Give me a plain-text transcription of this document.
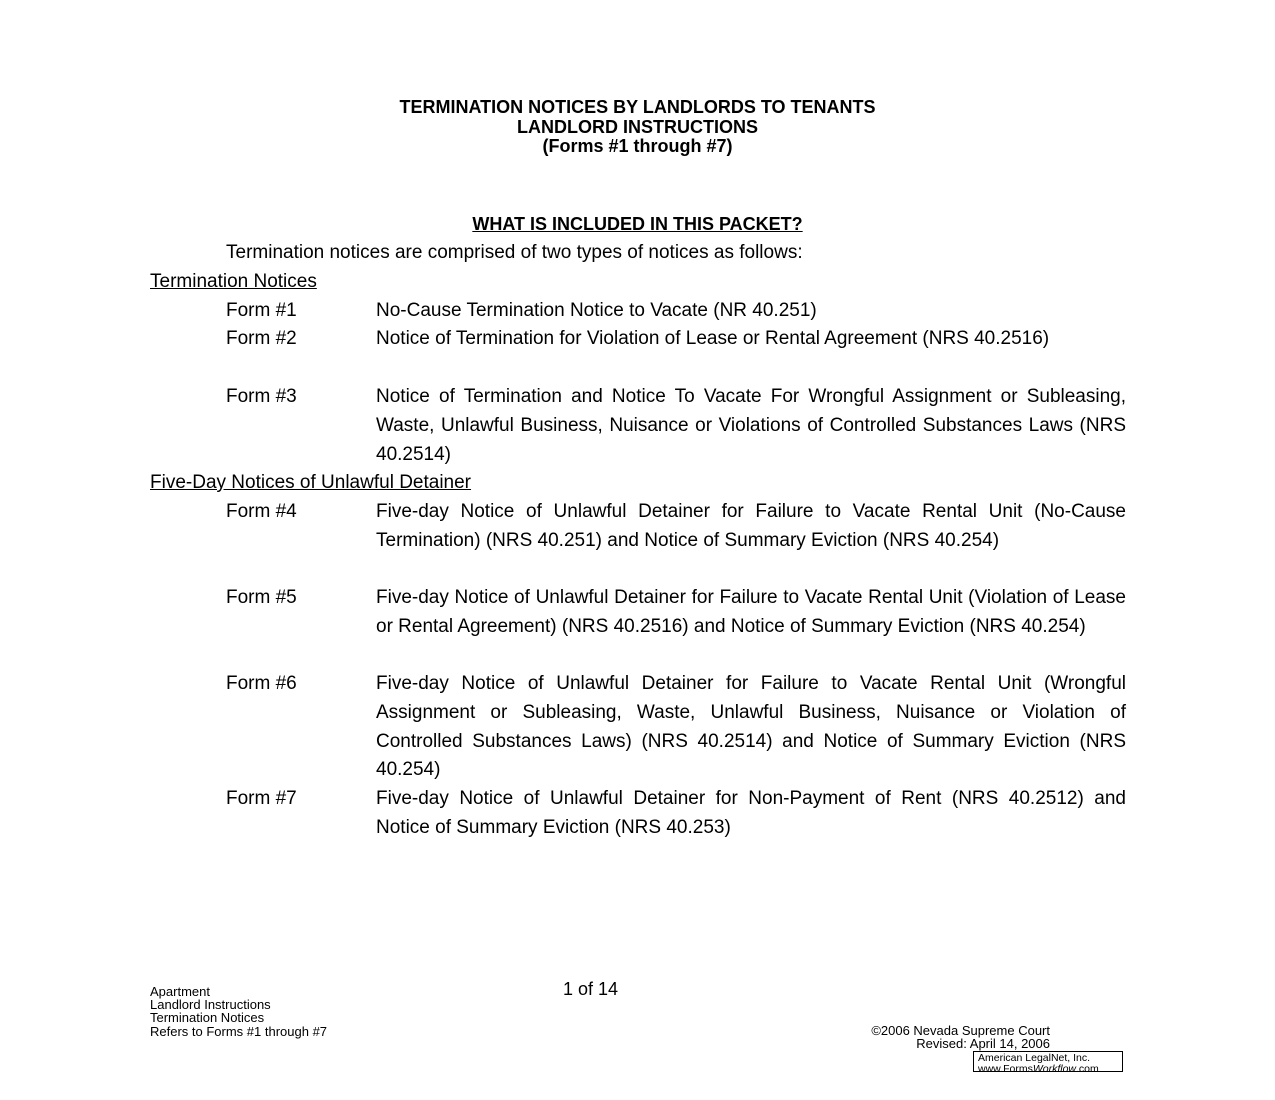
TERMINATION NOTICES BY LANDLORDS TO TENANTS
LANDLORD INSTRUCTIONS
(Forms #1 through #7)
WHAT IS INCLUDED IN THIS PACKET?
Termination notices are comprised of two types of notices as follows:
Termination Notices
Form #1	No-Cause Termination Notice to Vacate (NR 40.251)
Form #2	Notice of Termination for Violation of Lease or Rental Agreement (NRS 40.2516)
Form #3	Notice of Termination and Notice To Vacate For Wrongful Assignment or Subleasing, Waste, Unlawful Business, Nuisance or Violations of Controlled Substances Laws (NRS 40.2514)
Five-Day Notices of Unlawful Detainer
Form #4	Five-day Notice of Unlawful Detainer for Failure to Vacate Rental Unit (No-Cause Termination) (NRS 40.251) and Notice of Summary Eviction (NRS 40.254)
Form #5	Five-day Notice of Unlawful Detainer for Failure to Vacate Rental Unit (Violation of Lease or Rental Agreement) (NRS 40.2516) and Notice of Summary Eviction (NRS 40.254)
Form #6	Five-day Notice of Unlawful Detainer for Failure to Vacate Rental Unit (Wrongful Assignment or Subleasing, Waste, Unlawful Business, Nuisance or Violation of Controlled Substances Laws) (NRS 40.2514) and Notice of Summary Eviction (NRS 40.254)
Form #7	Five-day Notice of Unlawful Detainer for Non-Payment of Rent (NRS 40.2512) and Notice of Summary Eviction (NRS 40.253)
Apartment
Landlord Instructions
Termination Notices
Refers to Forms #1 through #7
1 of 14
©2006 Nevada Supreme Court
Revised: April 14, 2006
American LegalNet, Inc.
www.FormsWorkflow.com
